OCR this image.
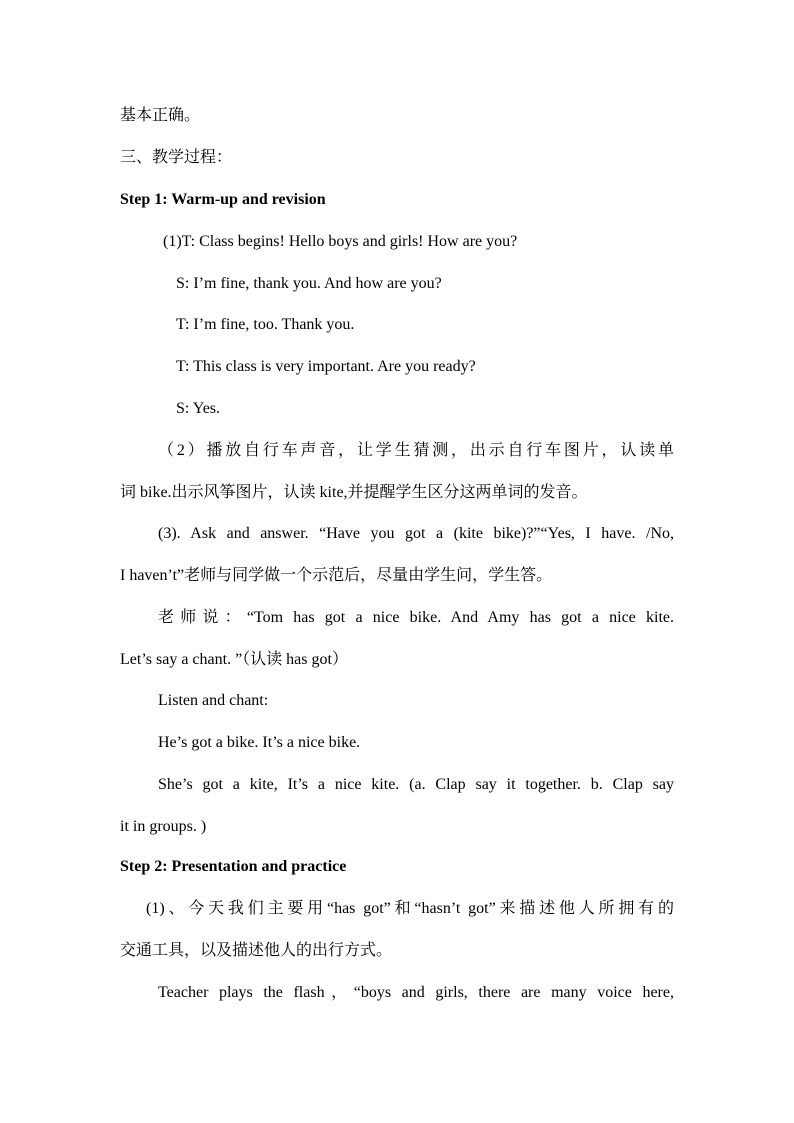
基本正确。
三、教学过程：
Step 1: Warm-up and revision
(1)T: Class begins! Hello boys and girls! How are you?
S: I’m fine, thank you. And how are you?
T: I’m fine, too. Thank you.
T: This class is very important. Are you ready?
S: Yes.
（2）播放自行车声音，让学生猜测，出示自行车图片，认读单
词 bike.出示风筝图片，认读 kite,并提醒学生区分这两单词的发音。
(3). Ask and answer. “Have you got a (kite bike)?”“Yes, I have. /No,
I haven’t”老师与同学做一个示范后，尽量由学生问，学生答。
老师说：“Tom has got a nice bike. And Amy has got a nice kite.
Let’s say a chant. ”（认读 has got）
Listen and chant:
He’s got a bike. It’s a nice bike.
She’s got a kite, It’s a nice kite. (a. Clap say it together. b. Clap say
it in groups. )
Step 2: Presentation and practice
(1)、今天我们主要用“has got”和“hasn’t got”来描述他人所拥有的
交通工具，以及描述他人的出行方式。
Teacher plays the flash，“boys and girls, there are many voice here,
